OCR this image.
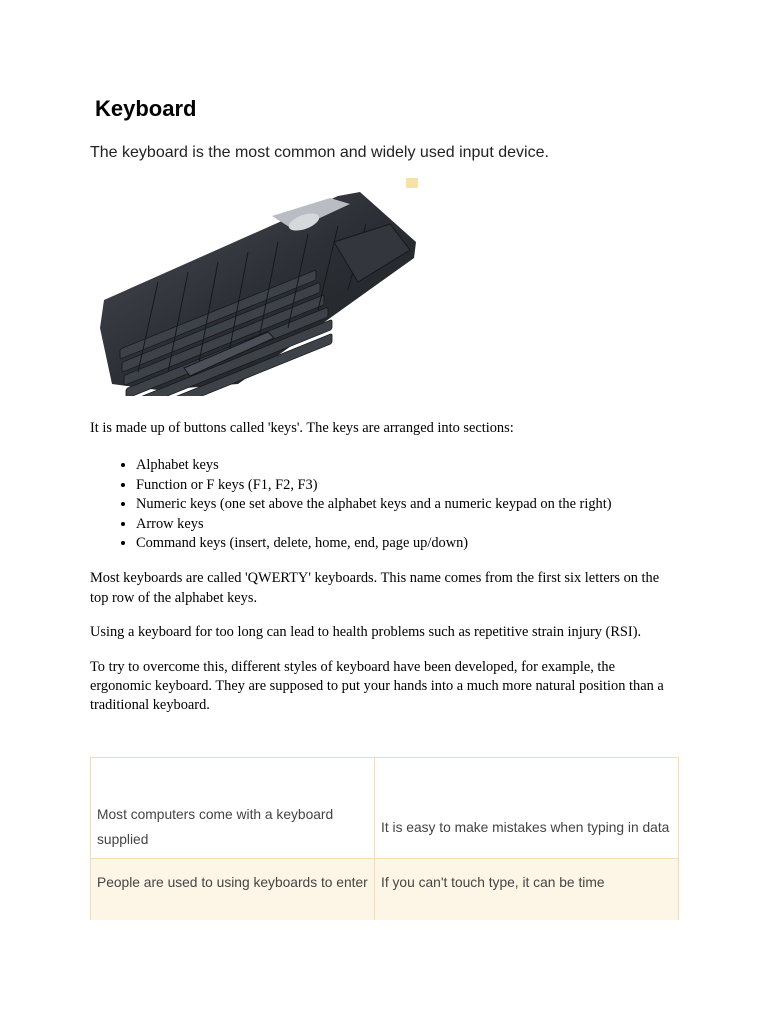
Keyboard

The keyboard is the most common and widely used input device.

It is made up of buttons called 'keys'. The keys are arranged into sections:

• Alphabet keys
• Function or F keys (F1, F2, F3)
• Numeric keys (one set above the alphabet keys and a numeric keypad on the right)
• Arrow keys
• Command keys (insert, delete, home, end, page up/down)

Most keyboards are called 'QWERTY' keyboards. This name comes from the first six letters on the top row of the alphabet keys.

Using a keyboard for too long can lead to health problems such as repetitive strain injury (RSI).

To try to overcome this, different styles of keyboard have been developed, for example, the ergonomic keyboard. They are supposed to put your hands into a much more natural position than a traditional keyboard.

Most computers come with a keyboard supplied	It is easy to make mistakes when typing in data
People are used to using keyboards to enter	If you can't touch type, it can be time
